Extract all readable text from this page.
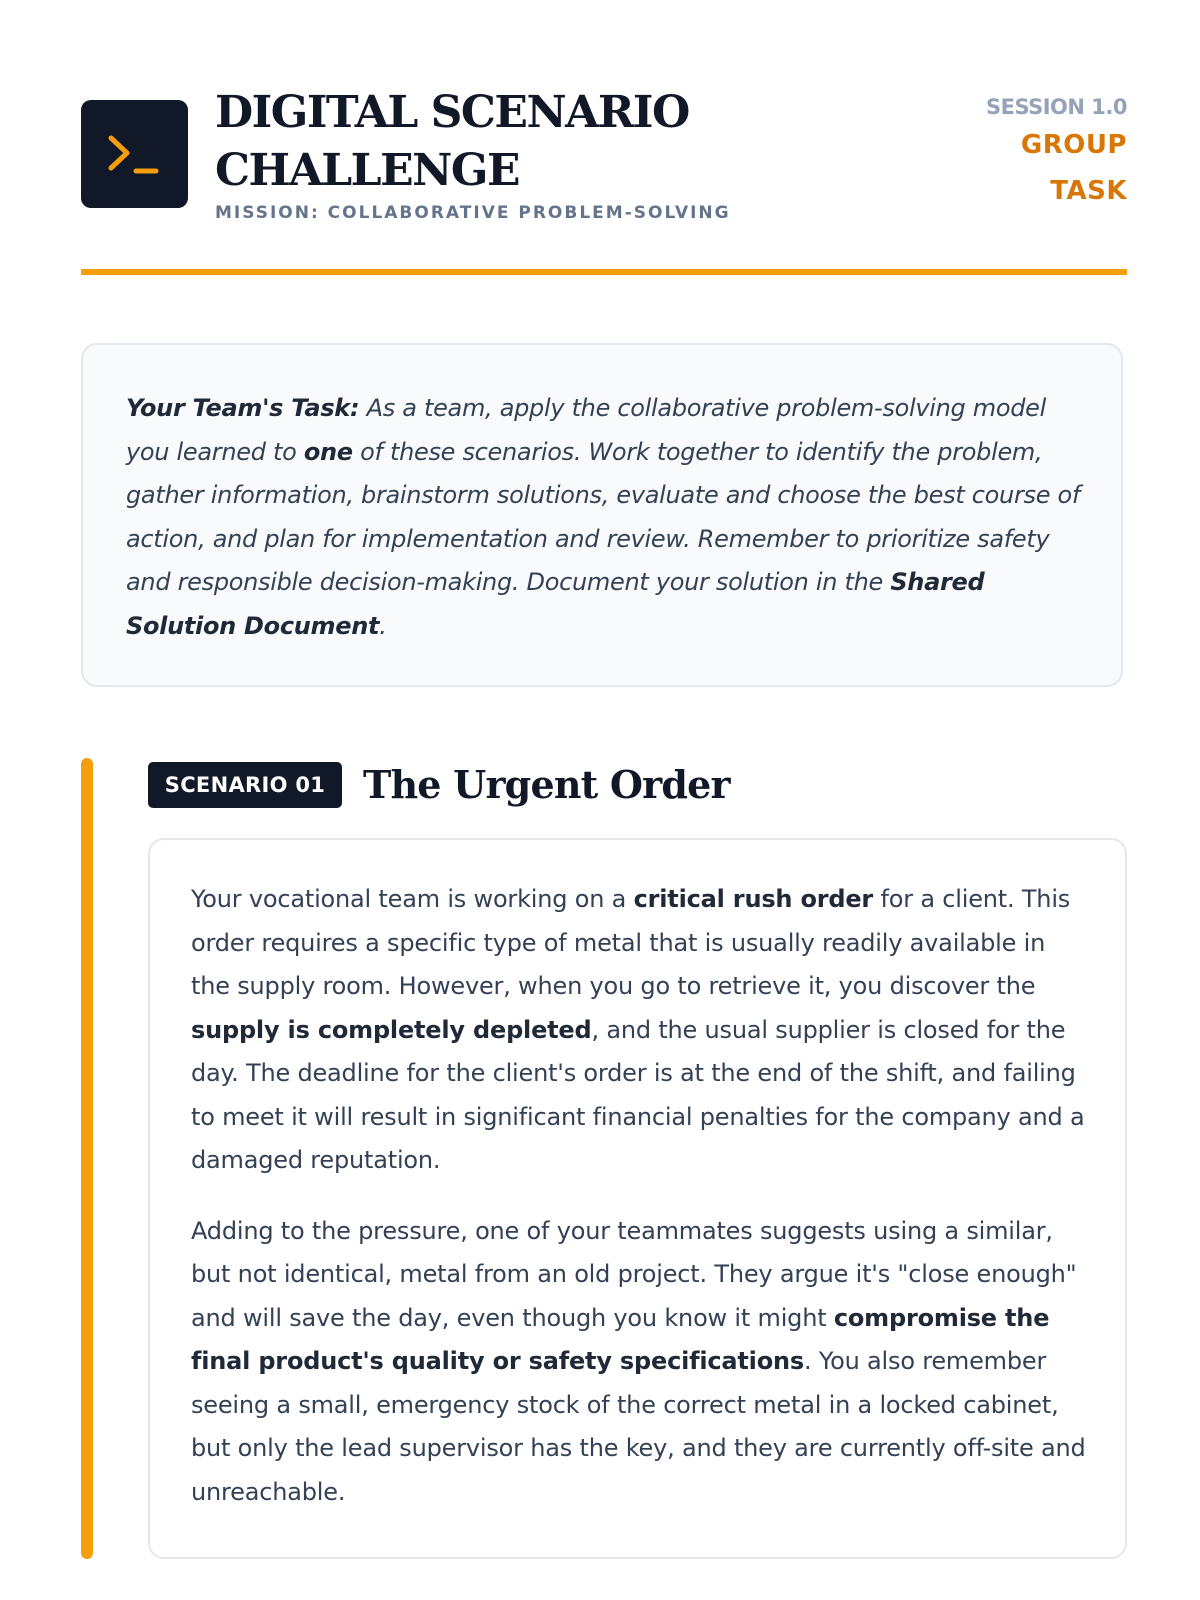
DIGITAL SCENARIO
CHALLENGE
MISSION: COLLABORATIVE PROBLEM-SOLVING
SESSION 1.0
GROUP
TASK
Your Team's Task: As a team, apply the collaborative problem-solving model you learned to one of these scenarios. Work together to identify the problem, gather information, brainstorm solutions, evaluate and choose the best course of action, and plan for implementation and review. Remember to prioritize safety and responsible decision-making. Document your solution in the Shared Solution Document.
SCENARIO 01 The Urgent Order

Your vocational team is working on a critical rush order for a client. This order requires a specific type of metal that is usually readily available in the supply room. However, when you go to retrieve it, you discover the supply is completely depleted, and the usual supplier is closed for the day. The deadline for the client's order is at the end of the shift, and failing to meet it will result in significant financial penalties for the company and a damaged reputation.

Adding to the pressure, one of your teammates suggests using a similar, but not identical, metal from an old project. They argue it's "close enough" and will save the day, even though you know it might compromise the final product's quality or safety specifications. You also remember seeing a small, emergency stock of the correct metal in a locked cabinet, but only the lead supervisor has the key, and they are currently off-site and unreachable.
